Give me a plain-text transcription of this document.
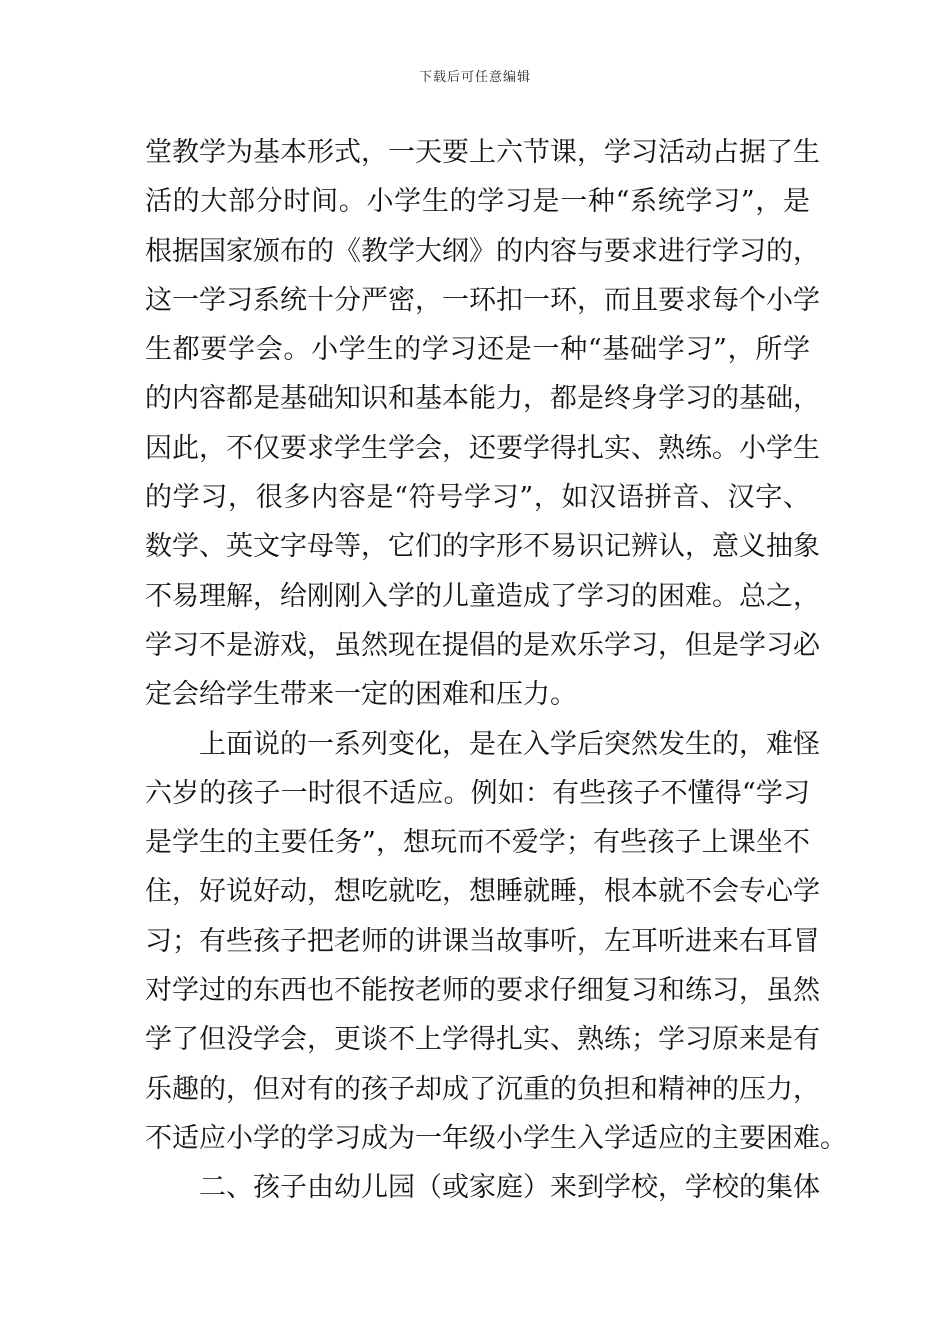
下载后可任意编辑
堂教学为基本形式，一天要上六节课，学习活动占据了生
活的大部分时间。小学生的学习是一种“系统学习”，是
根据国家颁布的《教学大纲》的内容与要求进行学习的，
这一学习系统十分严密，一环扣一环，而且要求每个小学
生都要学会。小学生的学习还是一种“基础学习”，所学
的内容都是基础知识和基本能力，都是终身学习的基础，
因此，不仅要求学生学会，还要学得扎实、熟练。小学生
的学习，很多内容是“符号学习”，如汉语拼音、汉字、
数学、英文字母等，它们的字形不易识记辨认，意义抽象
不易理解，给刚刚入学的儿童造成了学习的困难。总之，
学习不是游戏，虽然现在提倡的是欢乐学习，但是学习必
定会给学生带来一定的困难和压力。
上面说的一系列变化，是在入学后突然发生的，难怪
六岁的孩子一时很不适应。例如：有些孩子不懂得“学习
是学生的主要任务”，想玩而不爱学；有些孩子上课坐不
住，好说好动，想吃就吃，想睡就睡，根本就不会专心学
习；有些孩子把老师的讲课当故事听，左耳听进来右耳冒
对学过的东西也不能按老师的要求仔细复习和练习，虽然
学了但没学会，更谈不上学得扎实、熟练；学习原来是有
乐趣的，但对有的孩子却成了沉重的负担和精神的压力，
不适应小学的学习成为一年级小学生入学适应的主要困难。
二、孩子由幼儿园（或家庭）来到学校，学校的集体
